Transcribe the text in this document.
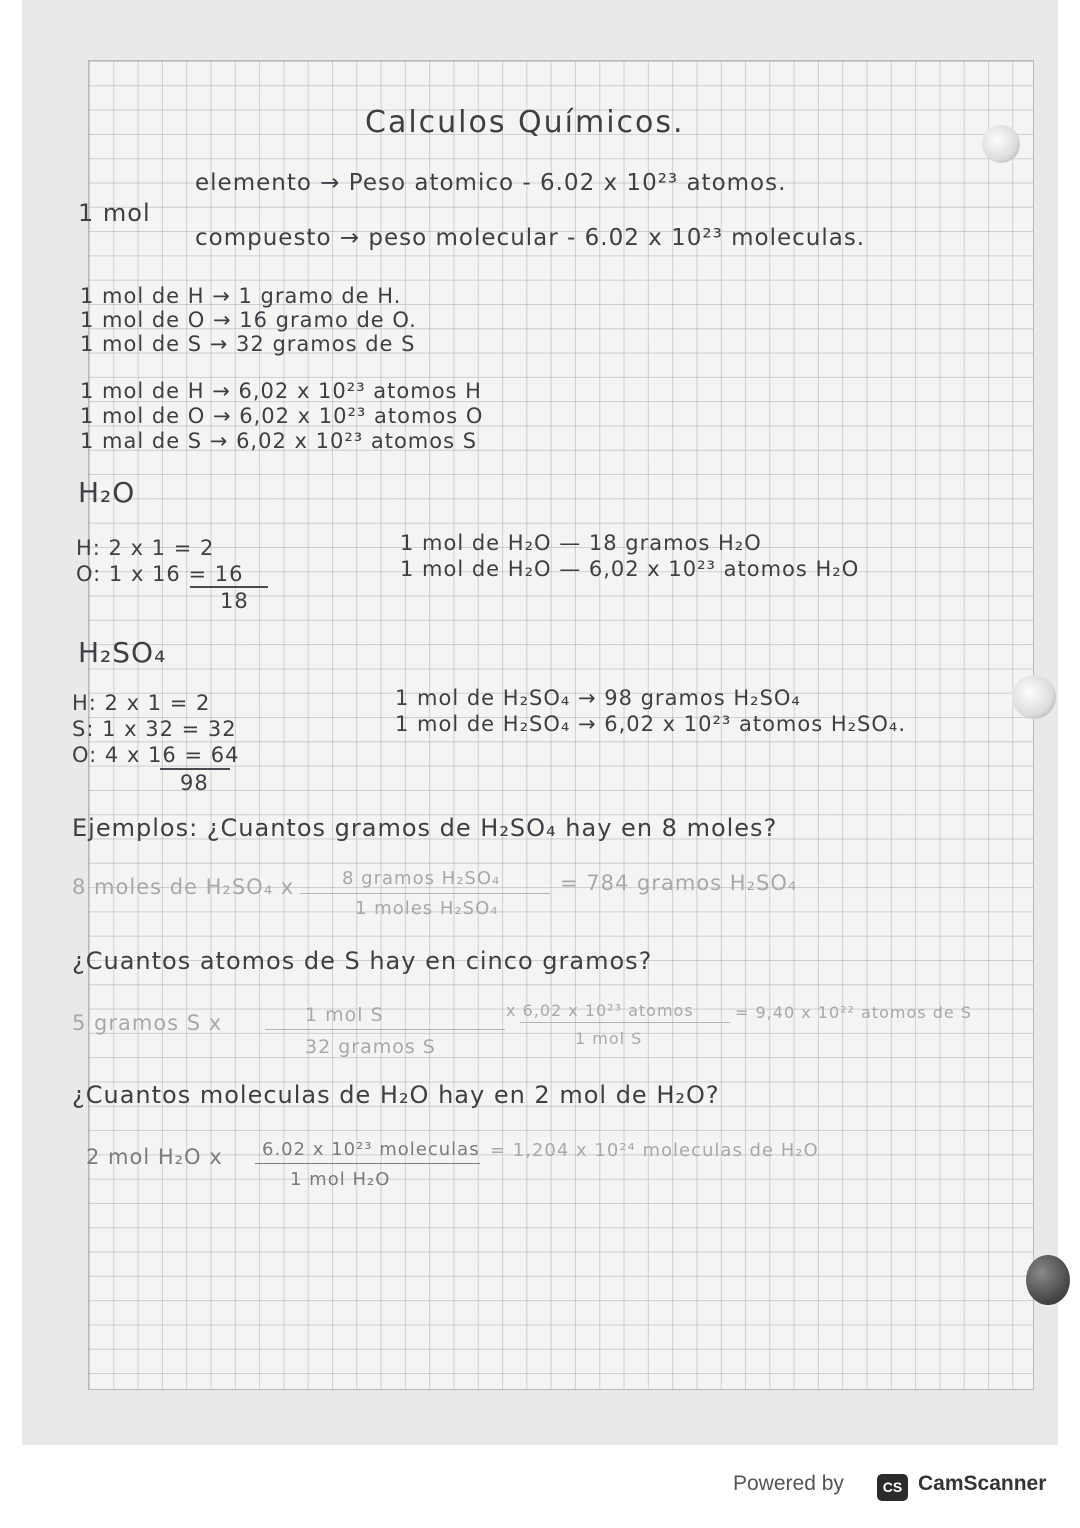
Calculos Químicos.
1 mol
elemento → Peso atomico - 6.02 x 10²³ atomos.
compuesto → peso molecular - 6.02 x 10²³ moleculas.
1 mol de H → 1 gramo de H.
1 mol de O → 16 gramo de O.
1 mol de S → 32 gramos de S
1 mol de H → 6,02 x 10²³ atomos H
1 mol de O → 6,02 x 10²³ atomos O
1 mal de S → 6,02 x 10²³ atomos S
H₂O
H: 2 x 1 = 2
O: 1 x 16 = 16
18
1 mol de H₂O — 18 gramos H₂O
1 mol de H₂O — 6,02 x 10²³ atomos H₂O
H₂SO₄
H: 2 x 1 = 2
S: 1 x 32 = 32
O: 4 x 16 = 64
98
1 mol de H₂SO₄ → 98 gramos H₂SO₄
1 mol de H₂SO₄ → 6,02 x 10²³ atomos H₂SO₄.
Ejemplos: ¿Cuantos gramos de H₂SO₄ hay en 8 moles?
8 moles de H₂SO₄ x	8 gramos H₂SO₄
1 moles H₂SO₄
= 784 gramos H₂SO₄
¿Cuantos atomos de S hay en cinco gramos?
5 gramos S x	1 mol S
32 gramos S
x 6,02 x 10²³ atomos
1 mol S
= 9,40 x 10²² atomos de S
¿Cuantos moleculas de H₂O hay en 2 mol de H₂O?
2 mol H₂O x 6.02 x 10²³ moleculas
1 mol H₂O
= 1,204 x 10²⁴ moleculas de H₂O
Powered by	CS CamScanner
